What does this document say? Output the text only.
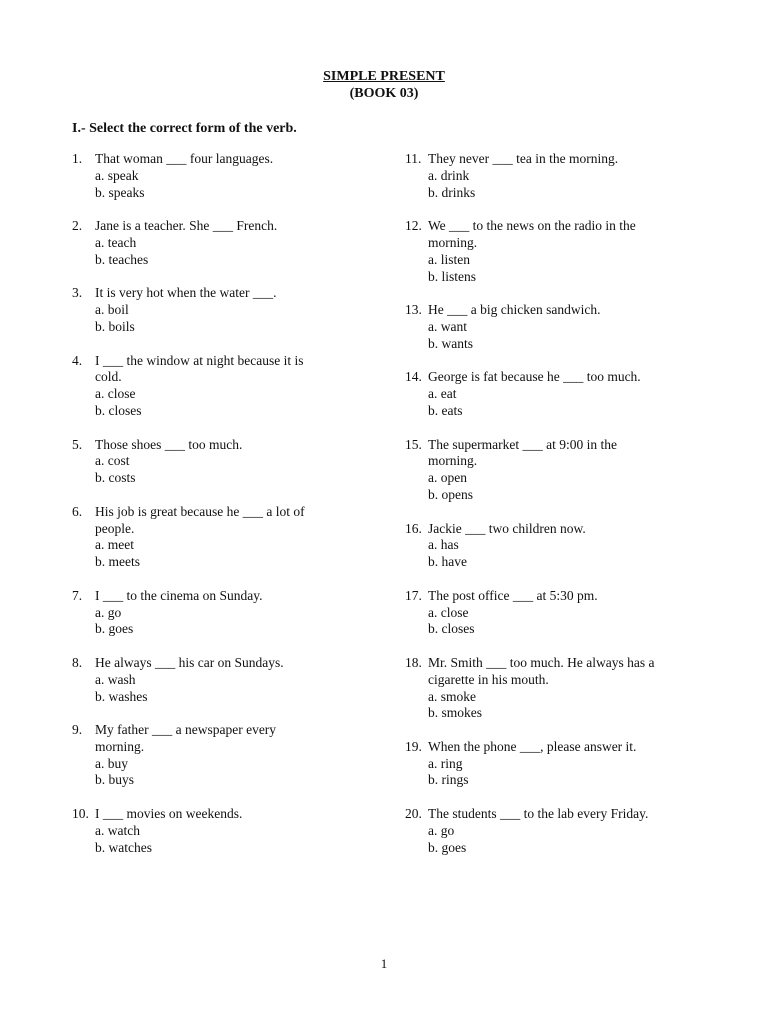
SIMPLE PRESENT
(BOOK 03)
I.- Select the correct form of the verb.
1. That woman ___ four languages.
a. speak
b. speaks
2. Jane is a teacher. She ___ French.
a. teach
b. teaches
3. It is very hot when the water ___.
a. boil
b. boils
4. I ___ the window at night because it is
cold.
a. close
b. closes
5. Those shoes ___ too much.
a. cost
b. costs
6. His job is great because he ___ a lot of
people.
a. meet
b. meets
7. I ___ to the cinema on Sunday.
a. go
b. goes
8. He always ___ his car on Sundays.
a. wash
b. washes
9. My father ___ a newspaper every
morning.
a. buy
b. buys
10. I ___ movies on weekends.
a. watch
b. watches
11. They never ___ tea in the morning.
a. drink
b. drinks
12. We ___ to the news on the radio in the
morning.
a. listen
b. listens
13. He ___ a big chicken sandwich.
a. want
b. wants
14. George is fat because he ___ too much.
a. eat
b. eats
15. The supermarket ___ at 9:00 in the
morning.
a. open
b. opens
16. Jackie ___ two children now.
a. has
b. have
17. The post office ___ at 5:30 pm.
a. close
b. closes
18. Mr. Smith ___ too much. He always has a
cigarette in his mouth.
a. smoke
b. smokes
19. When the phone ___, please answer it.
a. ring
b. rings
20. The students ___ to the lab every Friday.
a. go
b. goes
1
